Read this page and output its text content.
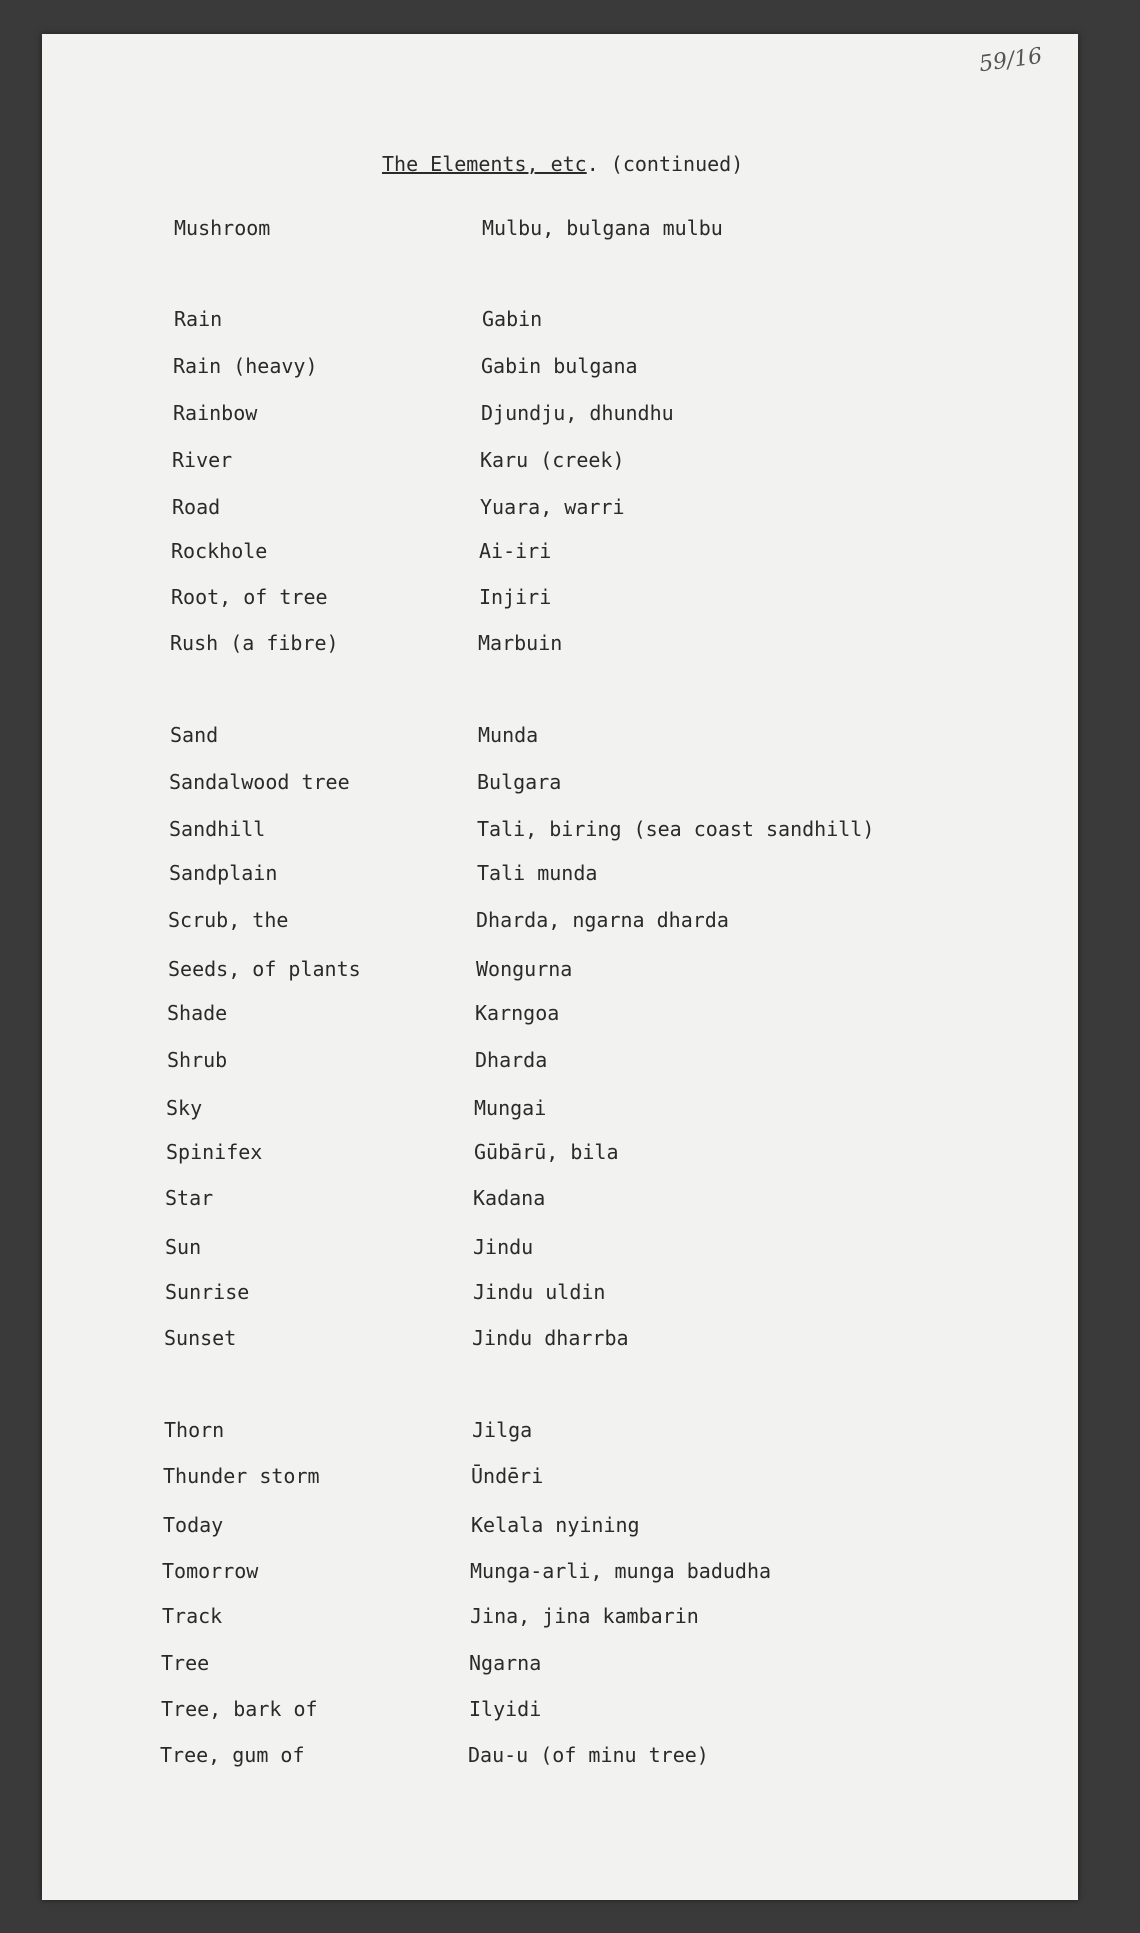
59/16
The Elements, etc. (continued)
Mushroom	Mulbu, bulgana mulbu
Rain	Gabin
Rain (heavy)	Gabin bulgana
Rainbow	Djundju, dhundhu
River	Karu (creek)
Road	Yuara, warri
Rockhole	Ai-iri
Root, of tree	Injiri
Rush (a fibre)	Marbuin
Sand	Munda
Sandalwood tree	Bulgara
Sandhill	Tali, biring (sea coast sandhill)
Sandplain	Tali munda
Scrub, the	Dharda, ngarna dharda
Seeds, of plants	Wongurna
Shade	Karngoa
Shrub	Dharda
Sky	Mungai
Spinifex	Gūbārū, bila
Star	Kadana
Sun	Jindu
Sunrise	Jindu uldin
Sunset	Jindu dharrba
Thorn	Jilga
Thunder storm	Ūndēri
Today	Kelala nyining
Tomorrow	Munga-arli, munga badudha
Track	Jina, jina kambarin
Tree	Ngarna
Tree, bark of	Ilyidi
Tree, gum of	Dau-u (of minu tree)
